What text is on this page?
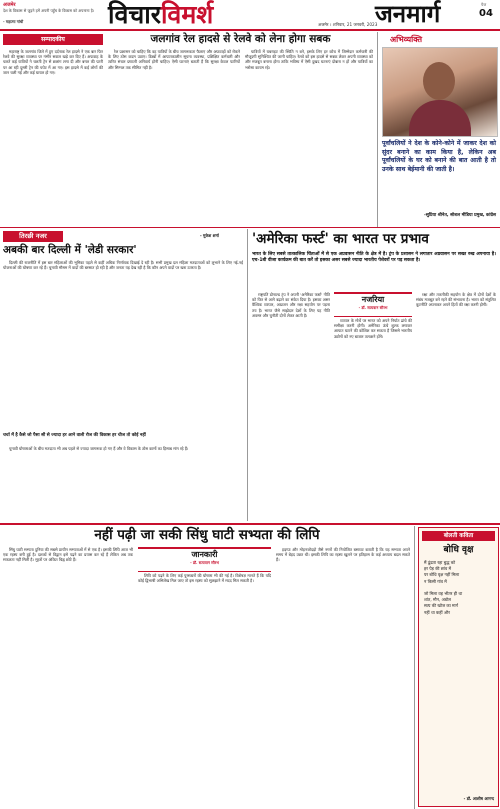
अजमेर
देश के विकास से जुड़ने हमें अपनी पहुँच के विकास को अपनाना है।
- महात्मा गांधी	विचारविमर्श	अजमेर । शनिवार, 21 जनवरी, 2023
जनमार्ग	पेज
04
सम्पादकीय	जलगांव रेल हादसे से रेलवे को लेना होगा सबक

महाराष्ट्र के जलगांव जिले में हुए दर्दनाक रेल हादसे ने एक बार फिर रेलवे की सुरक्षा व्यवस्था पर गंभीर सवाल खड़े कर दिए हैं। अफवाह के चलते कई यात्रियों ने चलती ट्रेन से छलांग लगा दी और बगल की पटरी पर आ रही दूसरी ट्रेन की चपेट में आ गए। इस हादसे में कई लोगों की जान चली गई और कई घायल हो गए।

रेल प्रशासन को चाहिए कि वह यात्रियों के बीच जागरूकता फैलाए और अफवाहों को रोकने के लिए ठोस कदम उठाए। डिब्बों में आपातकालीन सूचना व्यवस्था, प्रशिक्षित कर्मचारी और त्वरित संचार प्रणाली अनिवार्य होनी चाहिए। ऐसी घटनाएं बताती हैं कि सुरक्षा केवल पटरियों और सिग्नल तक सीमित नहीं है।

यात्रियों में घबराहट की स्थिति न बने, इसके लिए हर कोच में जिम्मेदार कर्मचारी की मौजूदगी सुनिश्चित की जानी चाहिए। रेलवे को इस हादसे से सबक लेकर अपनी व्यवस्था को और मजबूत बनाना होगा ताकि भविष्य में ऐसी दुखद घटनाएं दोबारा न हों और यात्रियों का भरोसा कायम रहे।

अभिव्यक्ति
पूर्वांचलियों ने देश के कोने-कोने में जाकर देश को सुंदर बनाने का काम किया है, लेकिन अब पूर्वांचलियों के घर को बनाने की बात आती है तो उनके साथ बेईमानी की जाती है।
-सुप्रिया श्रीनेत, सोशल मीडिया प्रमुख, कांग्रेस
तिरछी नजर	- मुकेश शर्मा
अबकी बार दिल्ली में 'लेडी सरकार'

दिल्ली की राजनीति में इस बार महिलाओं की भूमिका पहले से कहीं अधिक निर्णायक दिखाई दे रही है। सभी प्रमुख दल महिला मतदाताओं को लुभाने के लिए नई-नई योजनाओं की घोषणा कर रहे हैं। चुनावी मौसम में वादों की बरसात हो रही है और जनता यह देख रही है कि कौन अपने वादों पर खरा उतरता है।

चर्चा में है कैसे जो पैसा सौ से ज्यादा हर आने वाली रोज की विकास हर चीज तो कोई नहीं

चुनावी घोषणाओं के बीच मतदाता भी अब पहले से ज्यादा जागरूक हो गए हैं और वे विकास के ठोस कामों का हिसाब मांग रहे हैं।

'अमेरिका फर्स्ट' का भारत पर प्रभाव
भारत के लिए सबसे तात्कालिक चिंताओं में से एक अप्रवासन नीति के क्षेत्र में है। ट्रंप के प्रशासन ने लगातार अप्रवासन पर सख्त रुख अपनाया है। एच-1बी वीजा कार्यक्रम की बात करें तो इसका असर सबसे ज्यादा भारतीय पेशेवरों पर पड़ सकता है।

राष्ट्रपति डोनाल्ड ट्रंप ने अपनी 'अमेरिका फर्स्ट' नीति को फिर से आगे बढ़ाने का संकेत दिया है। इसका असर वैश्विक व्यापार, आव्रजन और रक्षा सहयोग पर पड़ना तय है। भारत जैसे साझेदार देशों के लिए यह नीति अवसर और चुनौती दोनों लेकर आती है।

नजरिया
- डॉ. सत्यवान सौरभ

व्यापार के मोर्चे पर भारत को अपने निर्यात ढांचे की समीक्षा करनी होगी। अमेरिका ऊंचे शुल्क लगाकर आयात घटाने की कोशिश कर सकता है जिससे भारतीय उद्योगों को नए बाजार तलाशने होंगे।

रक्षा और तकनीकी सहयोग के क्षेत्र में दोनों देशों के संबंध मजबूत बने रहने की संभावना है। भारत को संतुलित कूटनीति अपनाकर अपने हितों की रक्षा करनी होगी।

नहीं पढ़ी जा सकी सिंधु घाटी सभ्यता की लिपि

सिंधु घाटी सभ्यता दुनिया की सबसे प्राचीन सभ्यताओं में से एक है। इसकी लिपि आज भी एक रहस्य बनी हुई है। दशकों से विद्वान इसे पढ़ने का प्रयास कर रहे हैं लेकिन अब तक सफलता नहीं मिली है। मुहरों पर अंकित चिह्न छोटे हैं।

जानकारी
- डॉ. सत्यवान सौरभ

लिपि को पढ़ने के लिए कई पुरस्कारों की घोषणा भी की गई है। विशेषज्ञ मानते हैं कि यदि कोई द्विभाषी अभिलेख मिल जाए तो इस रहस्य को सुलझाने में मदद मिल सकती है।

हड़प्पा और मोहनजोदड़ो जैसे नगरों की नियोजित बसावट बताती है कि यह सभ्यता अपने समय में बेहद उन्नत थी। इसकी लिपि का रहस्य खुलने पर इतिहास के कई अध्याय बदल सकते हैं।

बोलती कविता
बोधि वृक्ष
मैं ढूंढता रहा बुद्ध को
हर पेड़ की छांव में
पर बोधि वृक्ष नहीं मिला
न किसी गांव में

जो मिला वह भीतर ही था
शांत, मौन, अडोल
सत्य की खोज का मार्ग
नहीं था कहीं और
- डॉ. आशीष आनन्द
